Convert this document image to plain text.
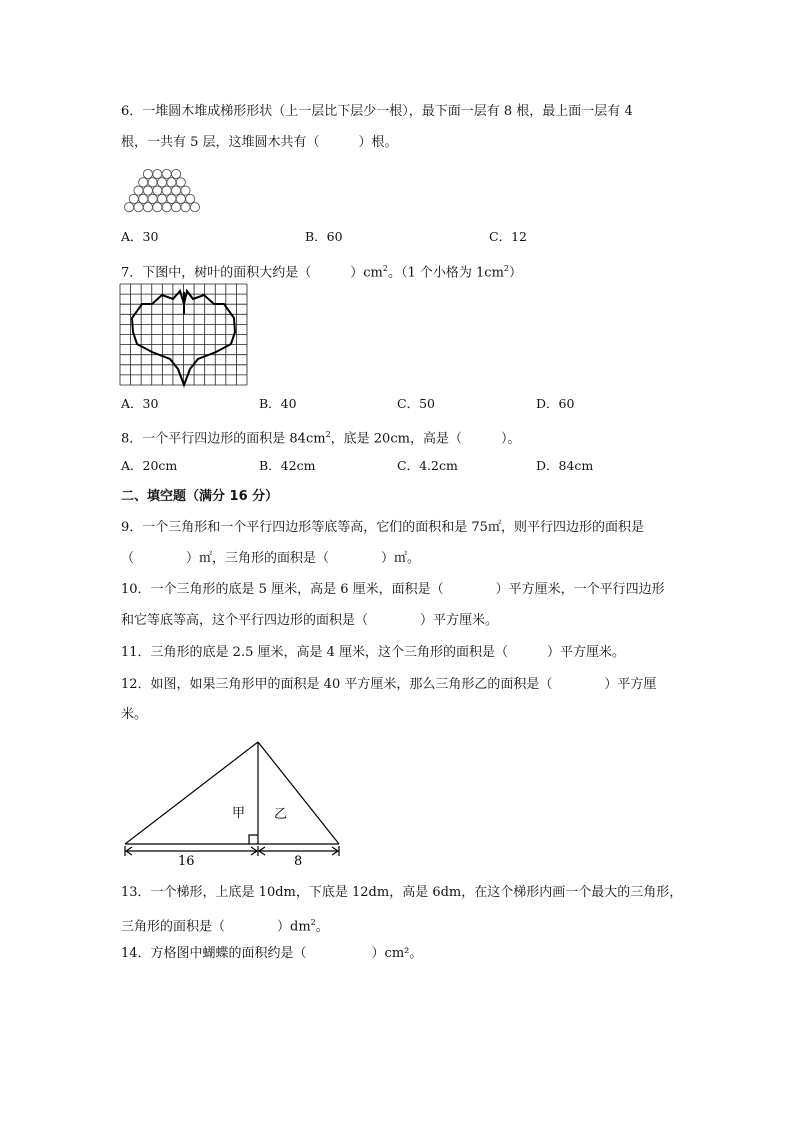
6．一堆圆木堆成梯形形状（上一层比下层少一根），最下面一层有 8 根，最上面一层有 4
根，一共有 5 层，这堆圆木共有（　　　）根。
A．30	B．60	C．12
7．下图中，树叶的面积大约是（　　　）$cm^2$。（1 个小格为 $1cm^2$）
A．30	B．40	C．50	D．60
8．一个平行四边形的面积是 $84cm^2$，底是 20cm，高是（　　　）。
A．20cm	B．42cm	C．4.2cm	D．84cm
二、填空题（满分 16 分）
9．一个三角形和一个平行四边形等底等高，它们的面积和是 75㎡，则平行四边形的面积是
（　　　　）㎡，三角形的面积是（　　　　）㎡。
10．一个三角形的底是 5 厘米，高是 6 厘米，面积是（　　　　）平方厘米，一个平行四边形
和它等底等高，这个平行四边形的面积是（　　　　）平方厘米。
11．三角形的底是 2.5 厘米，高是 4 厘米，这个三角形的面积是（　　　）平方厘米。
12．如图，如果三角形甲的面积是 40 平方厘米，那么三角形乙的面积是（　　　　）平方厘
米。
甲 乙
16	8
13．一个梯形，上底是 10dm，下底是 12dm，高是 6dm，在这个梯形内画一个最大的三角形，
三角形的面积是（　　　　）$dm^2$。
14．方格图中蝴蝶的面积约是（　　　　　）cm²。
